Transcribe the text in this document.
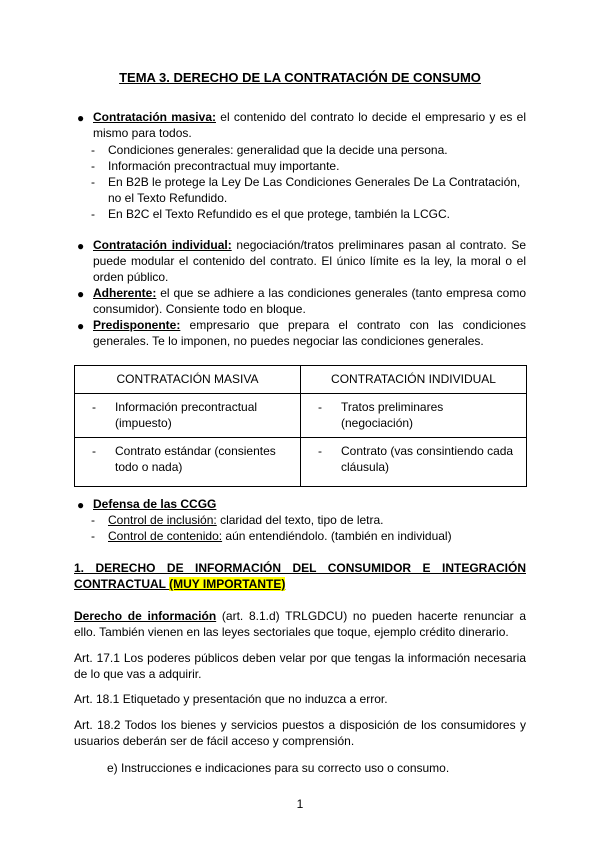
TEMA 3. DERECHO DE LA CONTRATACIÓN DE CONSUMO
● Contratación masiva: el contenido del contrato lo decide el empresario y es el mismo para todos.
- Condiciones generales: generalidad que la decide una persona.
- Información precontractual muy importante.
- En B2B le protege la Ley De Las Condiciones Generales De La Contratación, no el Texto Refundido.
- En B2C el Texto Refundido es el que protege, también la LCGC.
● Contratación individual: negociación/tratos preliminares pasan al contrato. Se puede modular el contenido del contrato. El único límite es la ley, la moral o el orden público.
● Adherente: el que se adhiere a las condiciones generales (tanto empresa como consumidor). Consiente todo en bloque.
● Predisponente: empresario que prepara el contrato con las condiciones generales. Te lo imponen, no puedes negociar las condiciones generales.
CONTRATACIÓN MASIVA	CONTRATACIÓN INDIVIDUAL

- Información precontractual (impuesto)	- Tratos preliminares (negociación)

- Contrato estándar (consientes todo o nada)	- Contrato (vas consintiendo cada cláusula)
● Defensa de las CCGG
- Control de inclusión: claridad del texto, tipo de letra.
- Control de contenido: aún entendiéndolo. (también en individual)
1. DERECHO DE INFORMACIÓN DEL CONSUMIDOR E INTEGRACIÓN CONTRACTUAL (MUY IMPORTANTE)
Derecho de información (art. 8.1.d) TRLGDCU) no pueden hacerte renunciar a ello. También vienen en las leyes sectoriales que toque, ejemplo crédito dinerario.
Art. 17.1 Los poderes públicos deben velar por que tengas la información necesaria de lo que vas a adquirir.
Art. 18.1 Etiquetado y presentación que no induzca a error.
Art. 18.2 Todos los bienes y servicios puestos a disposición de los consumidores y usuarios deberán ser de fácil acceso y comprensión.
e) Instrucciones e indicaciones para su correcto uso o consumo.
1
